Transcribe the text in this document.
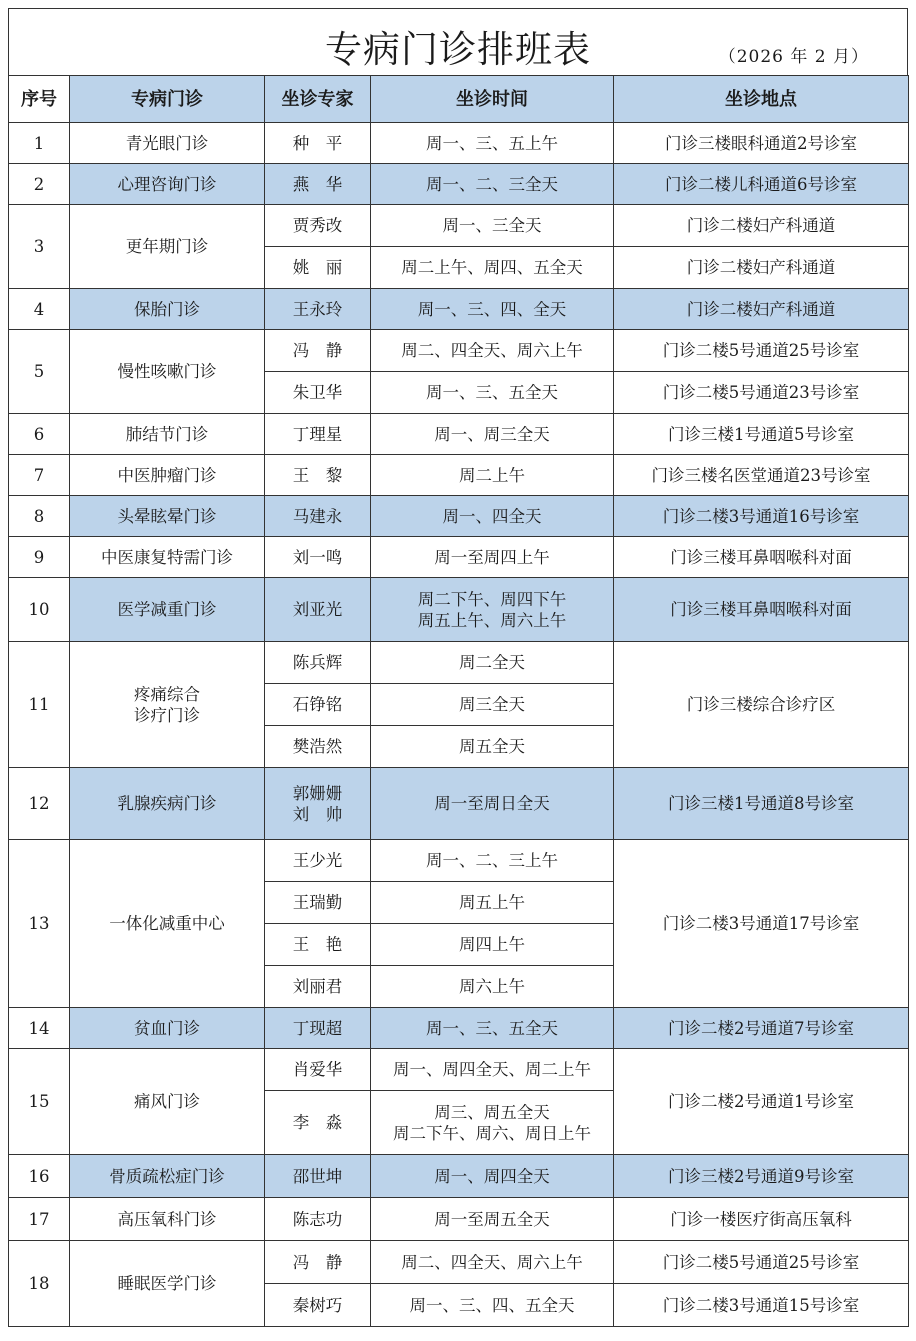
专病门诊排班表	（2026 年 2 月）
序号	专病门诊	坐诊专家	坐诊时间	坐诊地点
1	青光眼门诊	种　平	周一、三、五上午	门诊三楼眼科通道2号诊室

2	心理咨询门诊	燕　华	周一、二、三全天	门诊二楼儿科通道6号诊室

3	更年期门诊	贾秀改	周一、三全天	门诊二楼妇产科通道

		姚　丽	周二上午、周四、五全天	门诊二楼妇产科通道

4	保胎门诊	王永玲	周一、三、四、全天	门诊二楼妇产科通道

5	慢性咳嗽门诊	冯　静	周二、四全天、周六上午	门诊二楼5号通道25号诊室

		朱卫华	周一、三、五全天	门诊二楼5号通道23号诊室

6	肺结节门诊	丁理星	周一、周三全天	门诊三楼1号通道5号诊室

7	中医肿瘤门诊	王　黎	周二上午	门诊三楼名医堂通道23号诊室

8	头晕眩晕门诊	马建永	周一、四全天	门诊二楼3号通道16号诊室

9	中医康复特需门诊	刘一鸣	周一至周四上午	门诊三楼耳鼻咽喉科对面

10	医学减重门诊	刘亚光	周二下午、周四下午
周五上午、周六上午	门诊三楼耳鼻咽喉科对面

11	疼痛综合
诊疗门诊	陈兵辉	周二全天	门诊三楼综合诊疗区

		石铮铭	周三全天	

		樊浩然	周五全天	

12	乳腺疾病门诊	郭姗姗
刘　帅	周一至周日全天	门诊三楼1号通道8号诊室

13	一体化减重中心	王少光	周一、二、三上午	门诊二楼3号通道17号诊室

		王瑞勤	周五上午	

		王　艳	周四上午	

		刘丽君	周六上午	

14	贫血门诊	丁现超	周一、三、五全天	门诊二楼2号通道7号诊室

15	痛风门诊	肖爱华	周一、周四全天、周二上午	门诊二楼2号通道1号诊室

		李　淼	周三、周五全天
周二下午、周六、周日上午	

16	骨质疏松症门诊	邵世坤	周一、周四全天	门诊三楼2号通道9号诊室

17	高压氧科门诊	陈志功	周一至周五全天	门诊一楼医疗街高压氧科

18	睡眠医学门诊	冯　静	周二、四全天、周六上午	门诊二楼5号通道25号诊室

		秦树巧	周一、三、四、五全天	门诊二楼3号通道15号诊室
